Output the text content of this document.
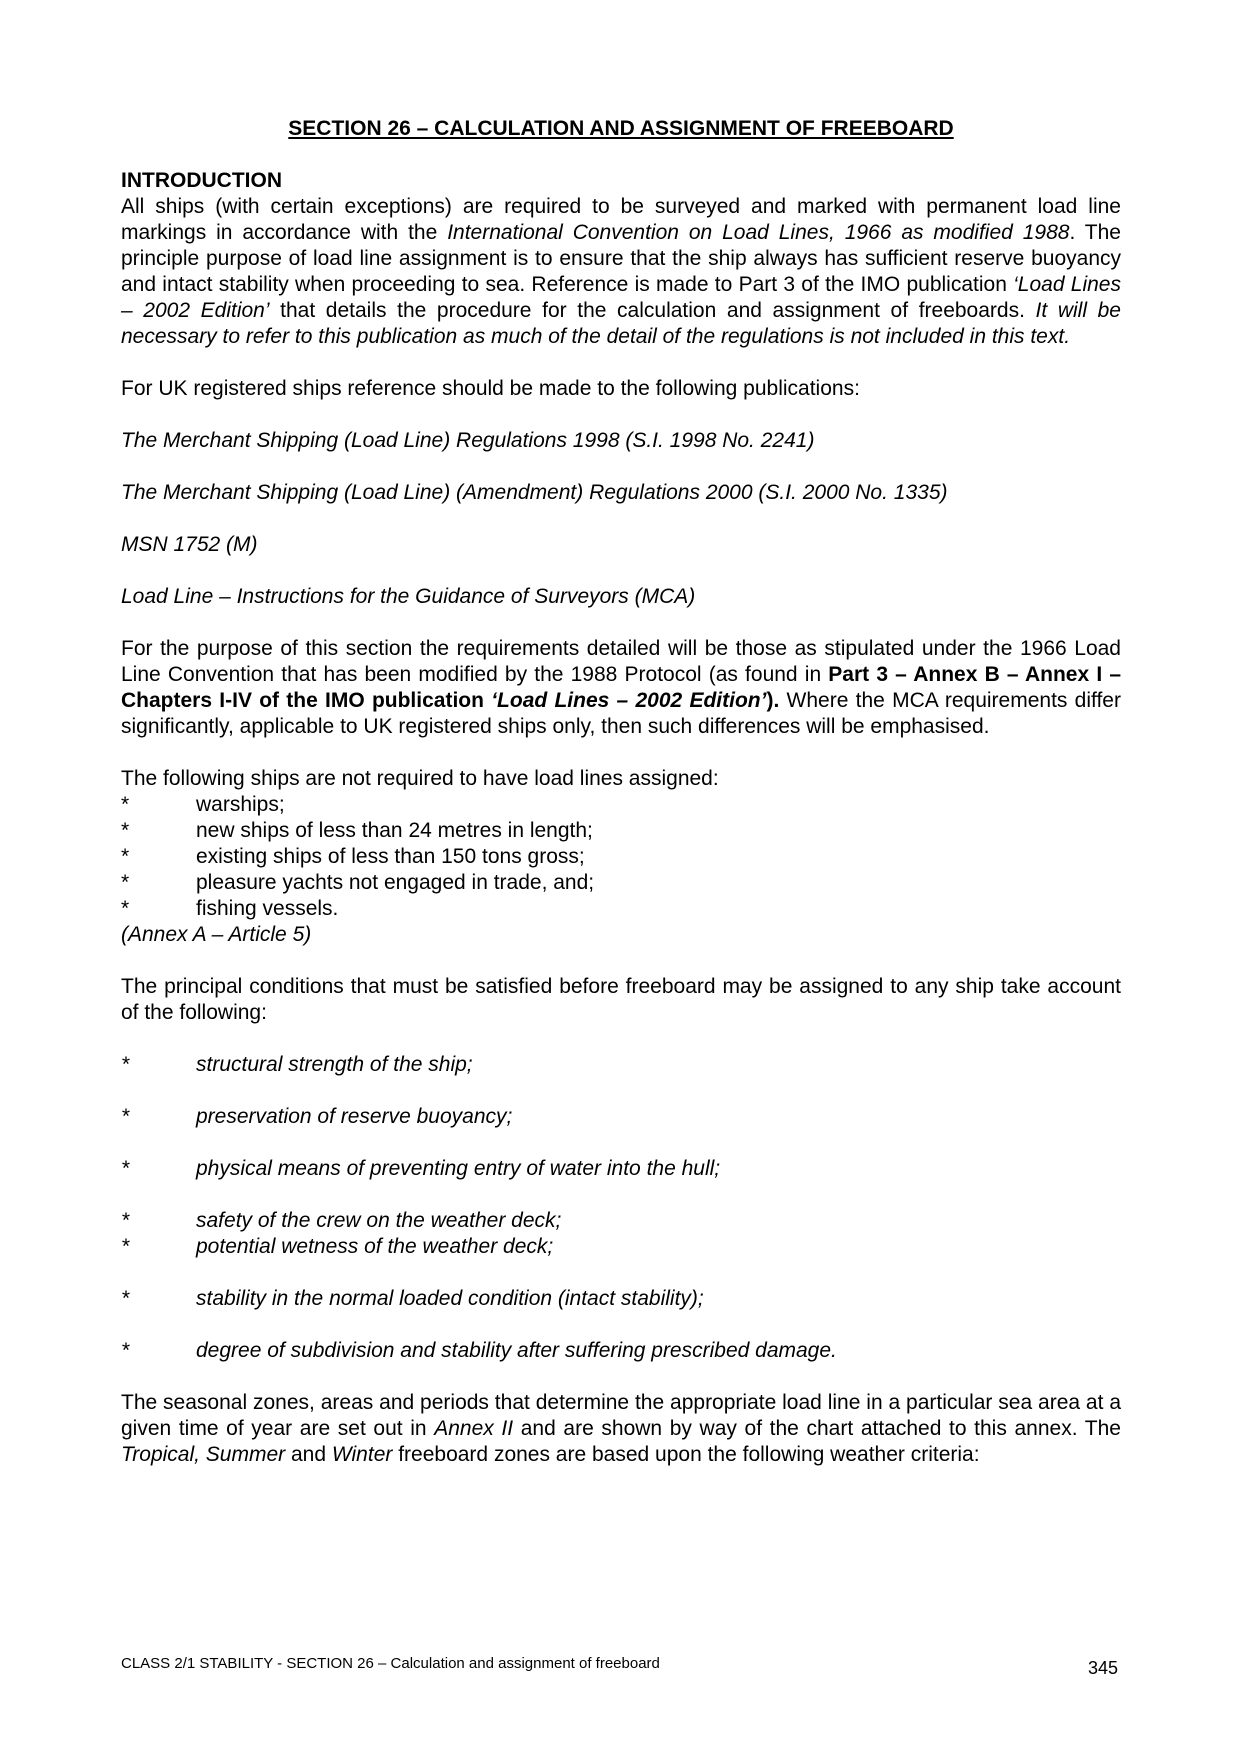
SECTION 26 – CALCULATION AND ASSIGNMENT OF FREEBOARD

INTRODUCTION

All ships (with certain exceptions) are required to be surveyed and marked with permanent load line markings in accordance with the International Convention on Load Lines, 1966 as modified 1988. The principle purpose of load line assignment is to ensure that the ship always has sufficient reserve buoyancy and intact stability when proceeding to sea. Reference is made to Part 3 of the IMO publication ‘Load Lines – 2002 Edition’ that details the procedure for the calculation and assignment of freeboards. It will be necessary to refer to this publication as much of the detail of the regulations is not included in this text.

For UK registered ships reference should be made to the following publications:

The Merchant Shipping (Load Line) Regulations 1998 (S.I. 1998 No. 2241)

The Merchant Shipping (Load Line) (Amendment) Regulations 2000 (S.I. 2000 No. 1335)

MSN 1752 (M)

Load Line – Instructions for the Guidance of Surveyors (MCA)

For the purpose of this section the requirements detailed will be those as stipulated under the 1966 Load Line Convention that has been modified by the 1988 Protocol (as found in Part 3 – Annex B – Annex I – Chapters I-IV of the IMO publication ‘Load Lines – 2002 Edition’). Where the MCA requirements differ significantly, applicable to UK registered ships only, then such differences will be emphasised.

The following ships are not required to have load lines assigned:

*	warships;
*	new ships of less than 24 metres in length;
*	existing ships of less than 150 tons gross;
*	pleasure yachts not engaged in trade, and;
*	fishing vessels.

(Annex A – Article 5)

The principal conditions that must be satisfied before freeboard may be assigned to any ship take account of the following:

*	structural strength of the ship;
*	preservation of reserve buoyancy;
*	physical means of preventing entry of water into the hull;
*	safety of the crew on the weather deck;
*	potential wetness of the weather deck;
*	stability in the normal loaded condition (intact stability);
*	degree of subdivision and stability after suffering prescribed damage.

The seasonal zones, areas and periods that determine the appropriate load line in a particular sea area at a given time of year are set out in Annex II and are shown by way of the chart attached to this annex. The Tropical, Summer and Winter freeboard zones are based upon the following weather criteria:

CLASS 2/1 STABILITY - SECTION 26 – Calculation and assignment of freeboard	345
